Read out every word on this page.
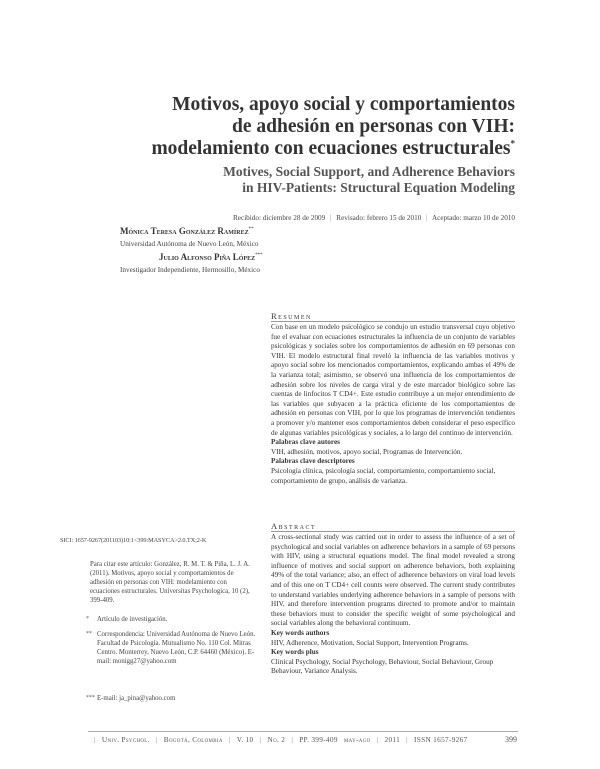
Motivos, apoyo social y comportamientos
de adhesión en personas con VIH:
modelamiento con ecuaciones estructurales*
Motives, Social Support, and Adherence Behaviors
in HIV-Patients: Structural Equation Modeling
Recibido: diciembre 28 de 2009 | Revisado: febrero 15 de 2010 | Aceptado: marzo 10 de 2010
Mónica Teresa González Ramírez**
Universidad Autónoma de Nuevo León, México
Julio Alfonso Piña López***
Investigador Independiente, Hermosillo, México
Resumen

Con base en un modelo psicológico se condujo un estudio transversal cuyo objetivo fue el evaluar con ecuaciones estructurales la influencia de un conjunto de variables psicológicas y sociales sobre los comportamientos de adhesión en 69 personas con VIH. El modelo estructural final reveló la influencia de las variables motivos y apoyo social sobre los mencionados comportamientos, explicando ambas el 49% de la varianza total; asimismo, se observó una influencia de los comportamientos de adhesión sobre los niveles de carga viral y de este marcador biológico sobre las cuentas de linfocitos T CD4+. Este estudio contribuye a un mejor entendimiento de las variables que subyacen a la práctica eficiente de los comportamientos de adhesión en personas con VIH, por lo que los programas de intervención tendientes a promover y/o mantener esos comportamientos deben considerar el peso específico de algunas variables psicológicas y sociales, a lo largo del continuo de intervención.

Palabras clave autores

VIH, adhesión, motivos, apoyo social, Programas de Intervención.

Palabras clave descriptores

Psicología clínica, psicología social, comportamiento, comportamiento social, comportamiento de grupo, análisis de varianza.

Abstract

A cross-sectional study was carried out in order to assess the influence of a set of psychological and social variables on adherence behaviors in a sample of 69 persons with HIV, using a structural equations model. The final model revealed a strong influence of motives and social support on adherence behaviors, both explaining 49% of the total variance; also, an effect of adherence behaviors on viral load levels and of this one on T CD4+ cell counts were observed. The current study contributes to understand variables underlying adherence behaviors in a sample of persons with HIV, and therefore intervention programs directed to promote and/or to maintain these behaviors must to consider the specific weight of some psychological and social variables along the behavioral continuum.

Key words authors

HIV, Adherence, Motivation, Social Support, Intervention Programs.

Key words plus

Clinical Psychology, Social Psychology, Behaviour, Social Behaviour, Group Behaviour, Variance Analysis.

SICI: 1657-9267(201103)10:1<399:MASYCA>2.0.TX;2-K
Para citar este artículo: González, R. M. T. & Piña, L. J. A. (2011). Motivos, apoyo social y comportamientos de adhesión en personas con VIH: modelamiento con ecuaciones estructurales. Universitas Psychologica, 10 (2), 399-409.
* Artículo de investigación.
** Correspondencia: Universidad Autónoma de Nuevo León. Facultad de Psicología. Mutualismo No. 110 Col. Mitras Centro. Monterrey, Nuevo León, C.P. 64460 (México). E-mail: monigg27@yahoo.com
*** E-mail: ja_pina@yahoo.com
| Univ. Psychol. | Bogotá, Colombia | V. 10 | No. 2 | PP. 399-409 may-ago | 2011 | ISSN 1657-9267	399
